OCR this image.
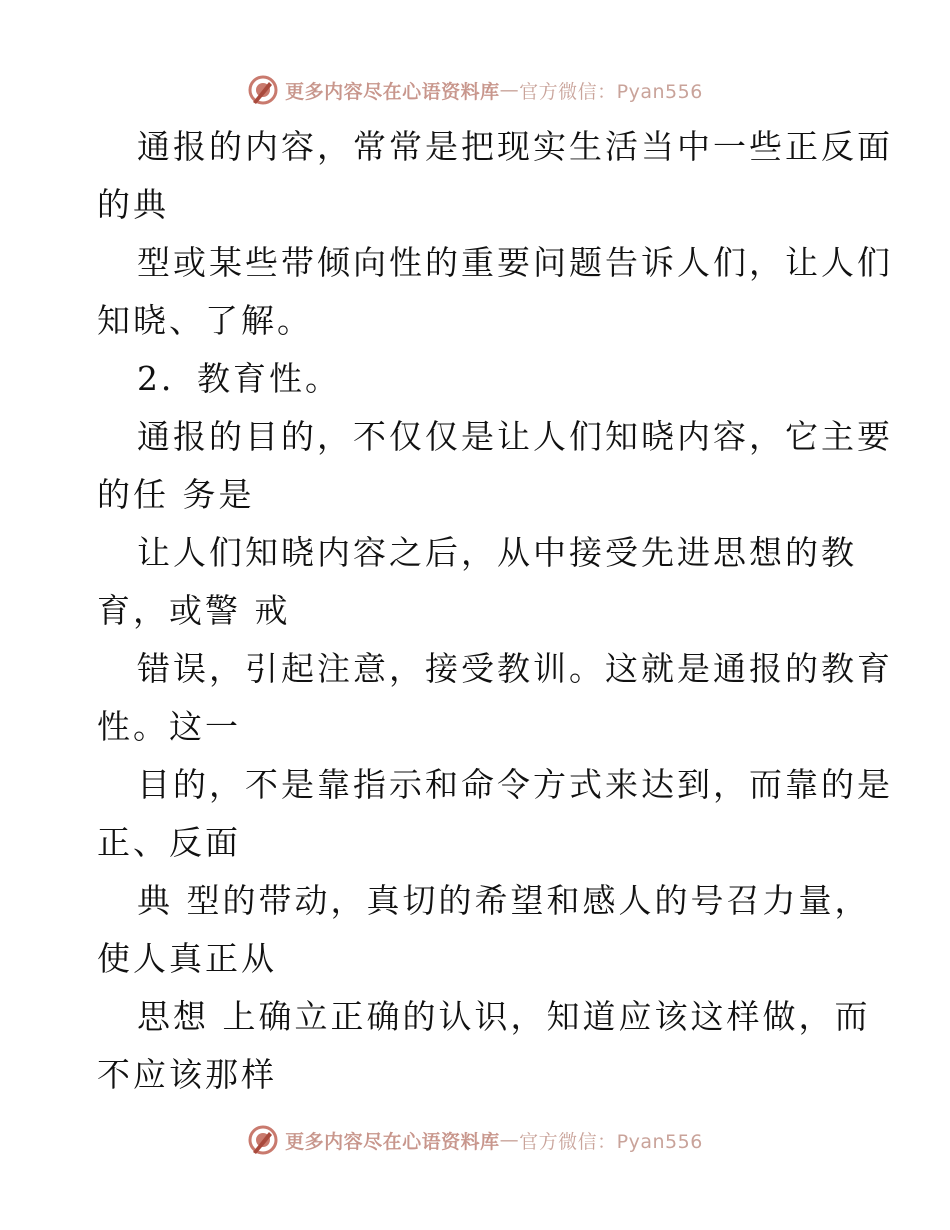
更多内容尽在心语资料库 — 官方微信：Pyan556

通报的内容，常常是把现实生活当中一些正反面

的典

型或某些带倾向性的重要问题告诉人们，让人们

知晓、了解。

2．教育性。

通报的目的，不仅仅是让人们知晓内容，它主要

的任 务是

让人们知晓内容之后，从中接受先进思想的教

育，或警 戒

错误，引起注意，接受教训。这就是通报的教育

性。这一

目的，不是靠指示和命令方式来达到，而靠的是

正、反面

典 型的带动，真切的希望和感人的号召力量，

使人真正从

思想 上确立正确的认识，知道应该这样做，而

不应该那样

更多内容尽在心语资料库 — 官方微信：Pyan556
